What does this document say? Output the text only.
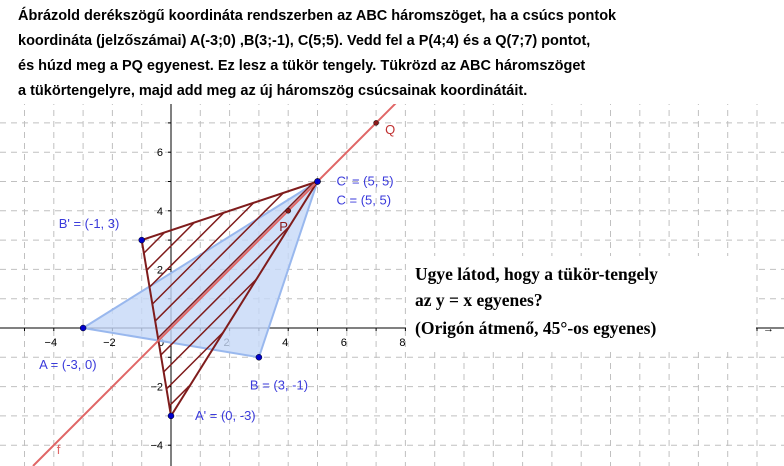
−4	−2	4	6	8
−4
−2
4
6
f
A = (-3, 0)
B = (3, -1)
C = (5, 5)
A' = (0, -3)
B' = (-1, 3)
C' = (5, 5)
P
Q
Ábrázold derékszögű koordináta rendszerben az ABC háromszöget, ha a csúcs pontok
koordináta (jelzőszámai) A(-3;0) ,B(3;-1), C(5;5). Vedd fel a P(4;4) és a Q(7;7) pontot,
és húzd meg a PQ egyenest. Ez lesz a tükör tengely. Tükrözd az ABC háromszöget
a tükörtengelyre, majd add meg az új háromszög csúcsainak koordinátáit.
Ugye látod, hogy a tükör-tengely
az y = x egyenes?
(Origón átmenő, 45°-os egyenes)	→
